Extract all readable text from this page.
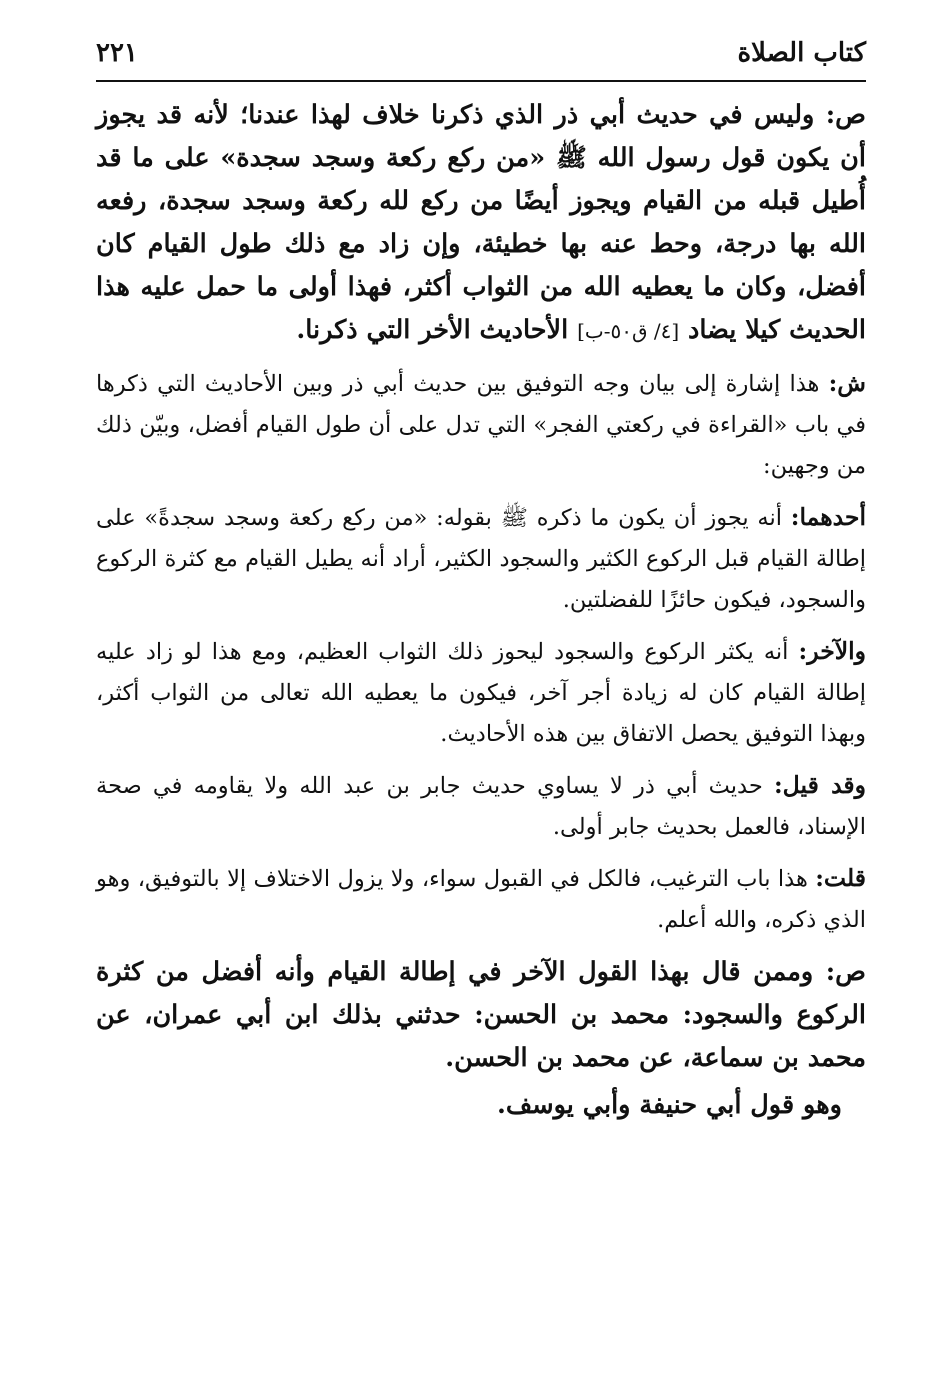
كتاب الصلاة
٢٢١

ص: وليس في حديث أبي ذر الذي ذكرنا خلاف لهذا عندنا؛ لأنه قد يجوز أن يكون قول رسول الله ﷺ «من ركع ركعة وسجد سجدة» على ما قد أُطيل قبله من القيام ويجوز أيضًا من ركع لله ركعة وسجد سجدة، رفعه الله بها درجة، وحط عنه بها خطيئة، وإن زاد مع ذلك طول القيام كان أفضل، وكان ما يعطيه الله من الثواب أكثر، فهذا أولى ما حمل عليه هذا الحديث كيلا يضاد [٤/ ق٥٠-ب] الأحاديث الأخر التي ذكرنا.

ش: هذا إشارة إلى بيان وجه التوفيق بين حديث أبي ذر وبين الأحاديث التي ذكرها في باب «القراءة في ركعتي الفجر» التي تدل على أن طول القيام أفضل، وبيّن ذلك من وجهين:

أحدهما: أنه يجوز أن يكون ما ذكره ﷺ بقوله: «من ركع ركعة وسجد سجدةً» على إطالة القيام قبل الركوع الكثير والسجود الكثير، أراد أنه يطيل القيام مع كثرة الركوع والسجود، فيكون حائزًا للفضلتين.

والآخر: أنه يكثر الركوع والسجود ليحوز ذلك الثواب العظيم، ومع هذا لو زاد عليه إطالة القيام كان له زيادة أجر آخر، فيكون ما يعطيه الله تعالى من الثواب أكثر، وبهذا التوفيق يحصل الاتفاق بين هذه الأحاديث.

وقد قيل: حديث أبي ذر لا يساوي حديث جابر بن عبد الله ولا يقاومه في صحة الإسناد، فالعمل بحديث جابر أولى.

قلت: هذا باب الترغيب، فالكل في القبول سواء، ولا يزول الاختلاف إلا بالتوفيق، وهو الذي ذكره، والله أعلم.

ص: وممن قال بهذا القول الآخر في إطالة القيام وأنه أفضل من كثرة الركوع والسجود: محمد بن الحسن: حدثني بذلك ابن أبي عمران، عن محمد بن سماعة، عن محمد بن الحسن.

وهو قول أبي حنيفة وأبي يوسف.
